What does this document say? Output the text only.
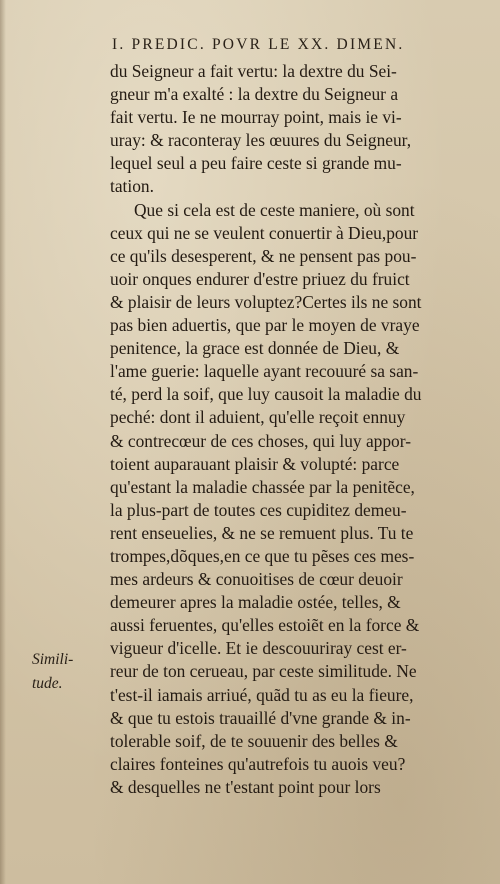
I. PREDIC. POVR LE XX. DIMEN.
Simili-
tude.
du Seigneur a fait vertu: la dextre du Sei-
gneur m'a exalté : la dextre du Seigneur a
fait vertu. Ie ne mourray point, mais ie vi-
uray: & raconteray les œuures du Seigneur,
lequel seul a peu faire ceste si grande mu-
tation.
Que si cela est de ceste maniere, où sont
ceux qui ne se veulent conuertir à Dieu,pour
ce qu'ils desesperent, & ne pensent pas pou-
uoir onques endurer d'estre priuez du fruict
& plaisir de leurs voluptez?Certes ils ne sont
pas bien aduertis, que par le moyen de vraye
penitence, la grace est donnée de Dieu, &
l'ame guerie: laquelle ayant recouuré sa san-
té, perd la soif, que luy causoit la maladie du
peché: dont il aduient, qu'elle reçoit ennuy
& contrecœur de ces choses, qui luy appor-
toient auparauant plaisir & volupté: parce
qu'estant la maladie chassée par la penitẽce,
la plus-part de toutes ces cupiditez demeu-
rent enseuelies, & ne se remuent plus. Tu te
trompes,dõques,en ce que tu pẽses ces mes-
mes ardeurs & conuoitises de cœur deuoir
demeurer apres la maladie ostée, telles, &
aussi feruentes, qu'elles estoiẽt en la force &
vigueur d'icelle. Et ie descouuriray cest er-
reur de ton cerueau, par ceste similitude. Ne
t'est-il iamais arriué, quãd tu as eu la fieure,
& que tu estois trauaillé d'vne grande & in-
tolerable soif, de te souuenir des belles &
claires fonteines qu'autrefois tu auois veu?
& desquelles ne t'estant point pour lors
